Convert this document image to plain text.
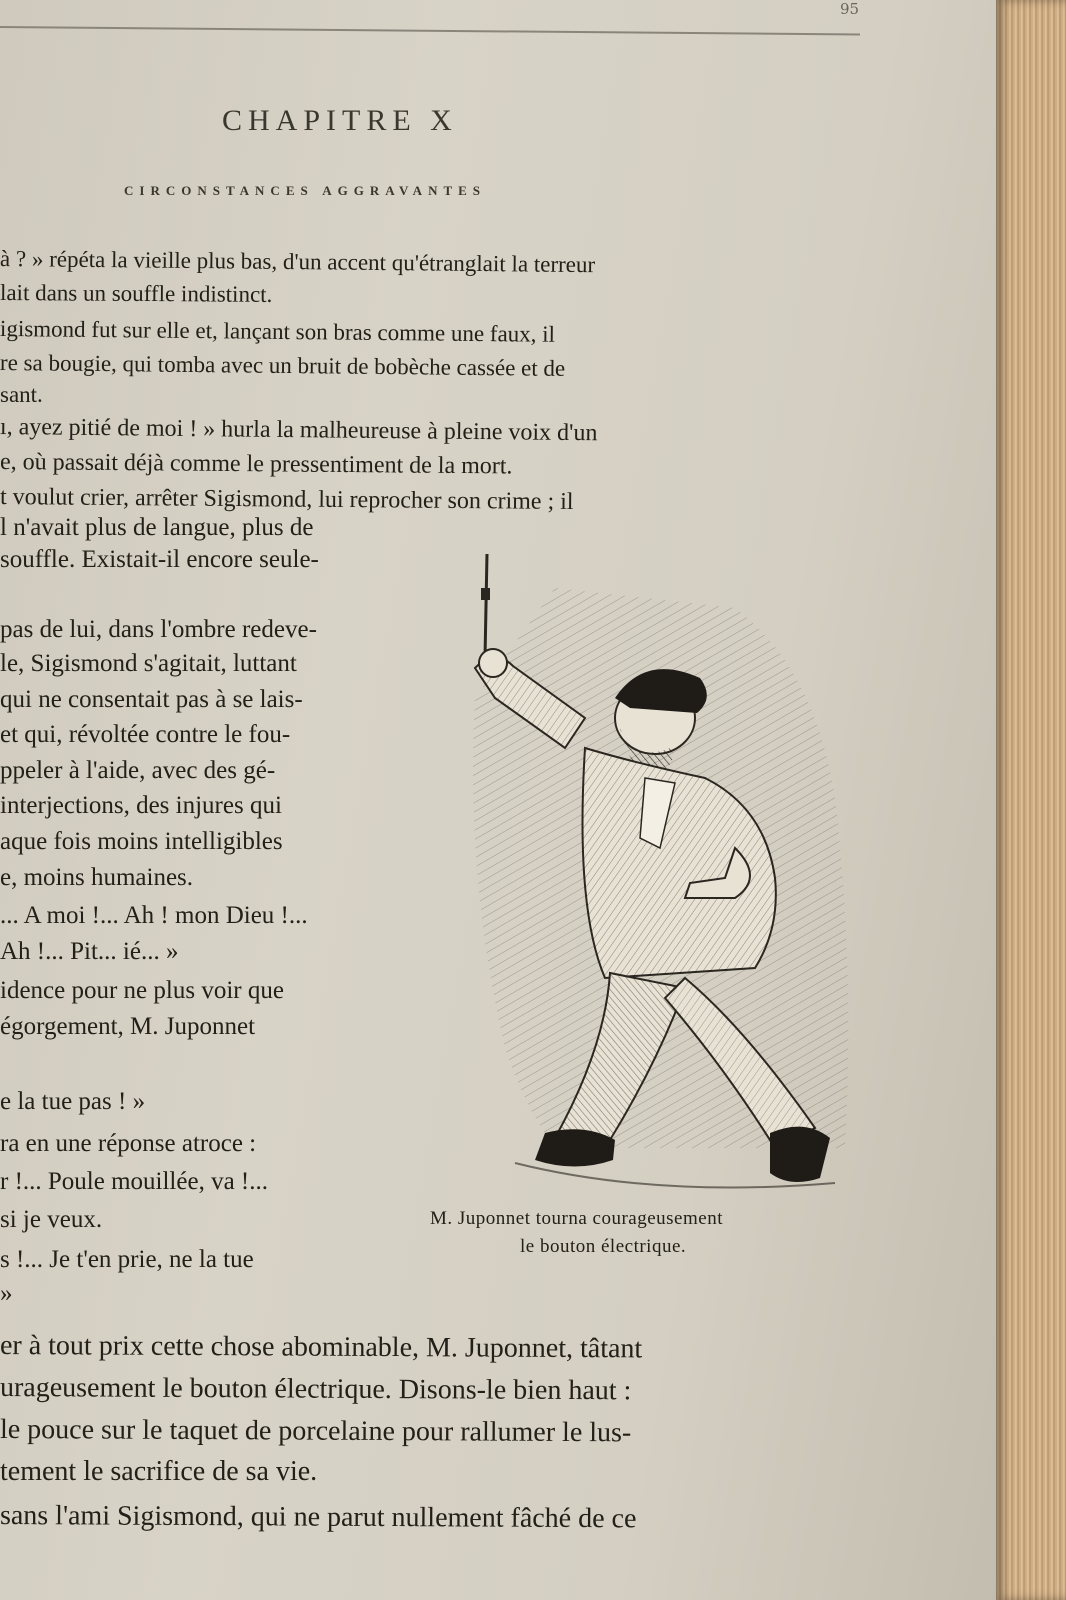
95
CHAPITRE X
CIRCONSTANCES AGGRAVANTES
à ? » répéta la vieille plus bas, d'un accent qu'étranglait la terreur
lait dans un souffle indistinct.
igismond fut sur elle et, lançant son bras comme une faux, il
re sa bougie, qui tomba avec un bruit de bobèche cassée et de
sant.
ı, ayez pitié de moi ! » hurla la malheureuse à pleine voix d'un
e, où passait déjà comme le pressentiment de la mort.
t voulut crier, arrêter Sigismond, lui reprocher son crime ; il
l n'avait plus de langue, plus de
souffle. Existait-il encore seule-
pas de lui, dans l'ombre redeve-
le, Sigismond s'agitait, luttant
qui ne consentait pas à se lais-
et qui, révoltée contre le fou-
ppeler à l'aide, avec des gé-
interjections, des injures qui
aque fois moins intelligibles
e, moins humaines.
... A moi !... Ah ! mon Dieu !...
Ah !... Pit... ié... »
idence pour ne plus voir que
égorgement, M. Juponnet
e la tue pas ! »
ra en une réponse atroce :
r !... Poule mouillée, va !...
si je veux.
s !... Je t'en prie, ne la tue
»
M. Juponnet tourna courageusement
le bouton électrique.
er à tout prix cette chose abominable, M. Juponnet, tâtant
urageusement le bouton électrique. Disons-le bien haut :
le pouce sur le taquet de porcelaine pour rallumer le lus-
tement le sacrifice de sa vie.
sans l'ami Sigismond, qui ne parut nullement fâché de ce
